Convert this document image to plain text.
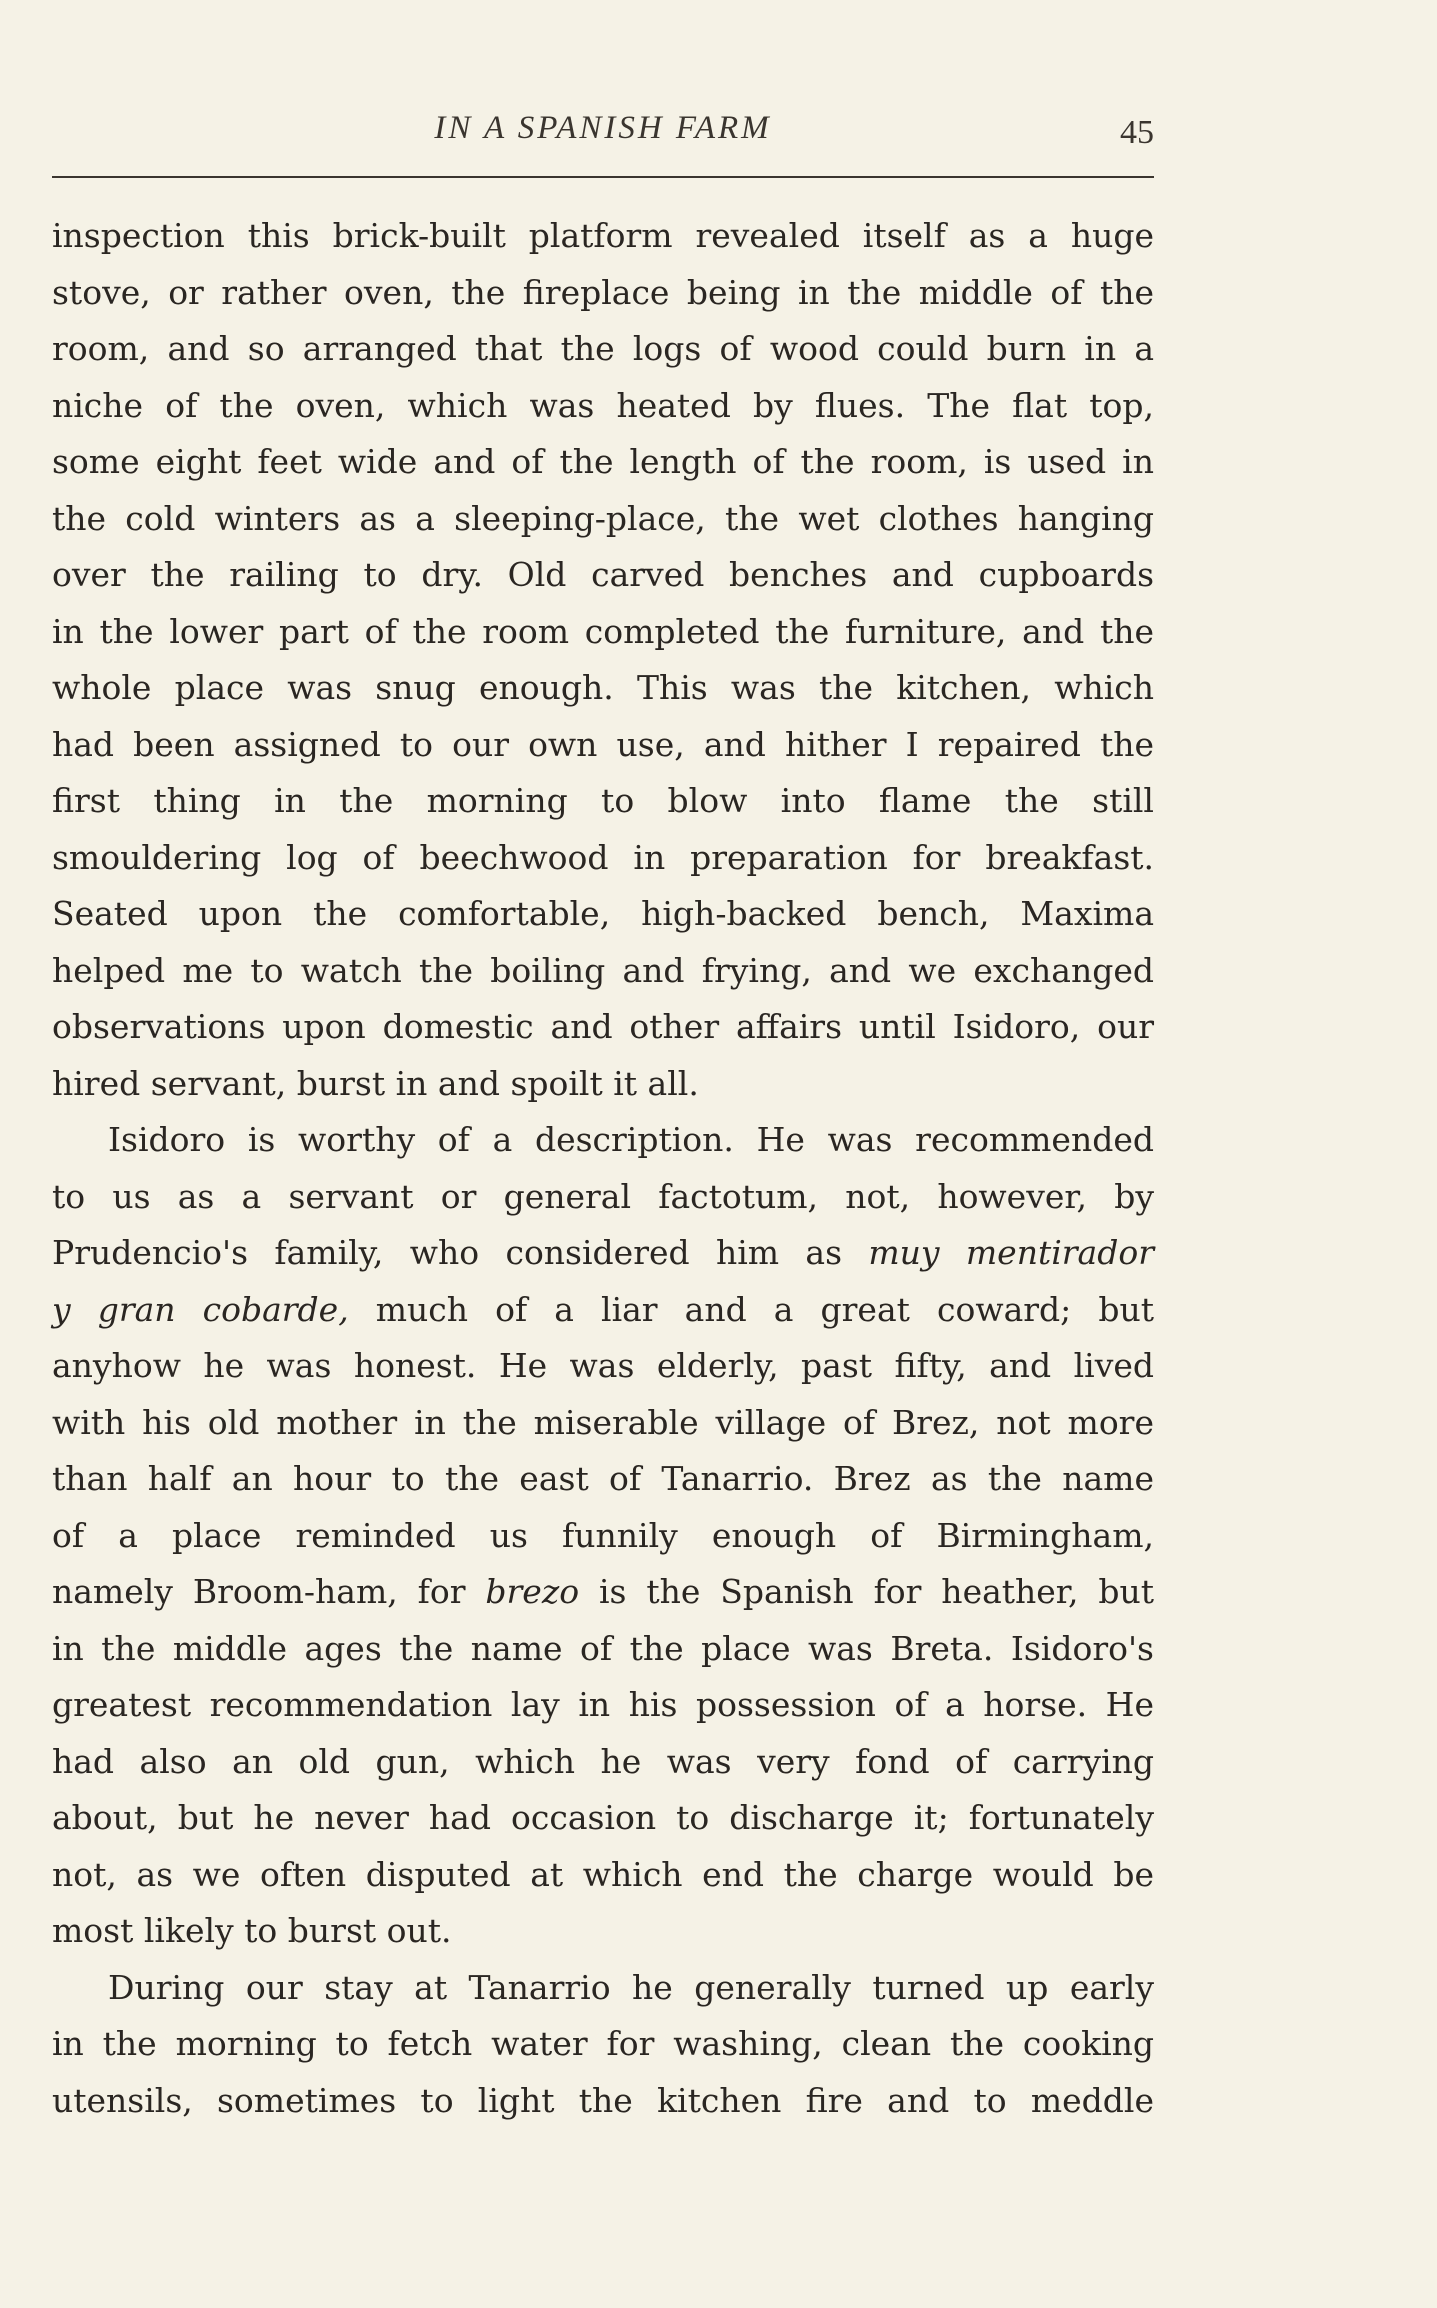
IN A SPANISH FARM	45
inspection this brick-built platform revealed itself as a huge
stove, or rather oven, the fireplace being in the middle of the
room, and so arranged that the logs of wood could burn in a
niche of the oven, which was heated by flues. The flat top,
some eight feet wide and of the length of the room, is used in
the cold winters as a sleeping-place, the wet clothes hanging
over the railing to dry. Old carved benches and cupboards
in the lower part of the room completed the furniture, and the
whole place was snug enough. This was the kitchen, which
had been assigned to our own use, and hither I repaired the
first thing in the morning to blow into flame the still
smouldering log of beechwood in preparation for breakfast.
Seated upon the comfortable, high-backed bench, Maxima
helped me to watch the boiling and frying, and we exchanged
observations upon domestic and other affairs until Isidoro, our
hired servant, burst in and spoilt it all.
Isidoro is worthy of a description. He was recommended
to us as a servant or general factotum, not, however, by
Prudencio's family, who considered him as muy mentirador
y gran cobarde, much of a liar and a great coward; but
anyhow he was honest. He was elderly, past fifty, and lived
with his old mother in the miserable village of Brez, not more
than half an hour to the east of Tanarrio. Brez as the name
of a place reminded us funnily enough of Birmingham,
namely Broom-ham, for brezo is the Spanish for heather, but
in the middle ages the name of the place was Breta. Isidoro's
greatest recommendation lay in his possession of a horse. He
had also an old gun, which he was very fond of carrying
about, but he never had occasion to discharge it; fortunately
not, as we often disputed at which end the charge would be
most likely to burst out.
During our stay at Tanarrio he generally turned up early
in the morning to fetch water for washing, clean the cooking
utensils, sometimes to light the kitchen fire and to meddle
